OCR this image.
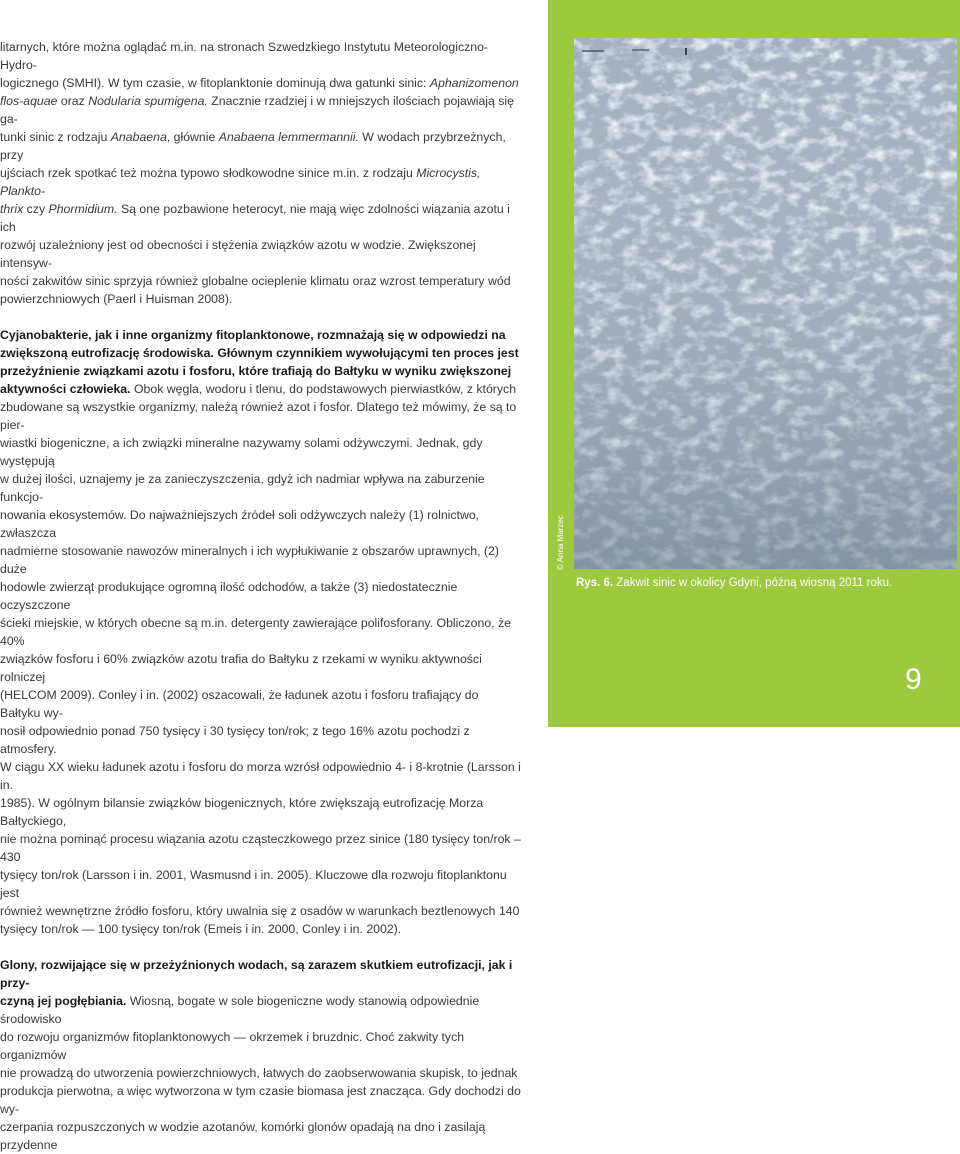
litarnych, które można oglądać m.in. na stronach Szwedzkiego Instytutu Meteorologiczno-Hydro-
logicznego (SMHI). W tym czasie, w fitoplanktonie dominują dwa gatunki sinic: Aphanizomenon
flos-aquae oraz Nodularia spumigena. Znacznie rzadziej i w mniejszych ilościach pojawiają się ga-
tunki sinic z rodzaju Anabaena, głównie Anabaena lemmermannii. W wodach przybrzeżnych, przy
ujściach rzek spotkać też można typowo słodkowodne sinice m.in. z rodzaju Microcystis, Plankto-
thrix czy Phormidium. Są one pozbawione heterocyt, nie mają więc zdolności wiązania azotu i ich
rozwój uzależniony jest od obecności i stężenia związków azotu w wodzie. Zwiększonej intensyw-
ności zakwitów sinic sprzyja również globalne ocieplenie klimatu oraz wzrost temperatury wód
powierzchniowych (Paerl i Huisman 2008).

Cyjanobakterie, jak i inne organizmy fitoplanktonowe, rozmnażają się w odpowiedzi na
zwiększoną eutrofizację środowiska. Głównym czynnikiem wywołującymi ten proces jest
przeżyźnienie związkami azotu i fosforu, które trafiają do Bałtyku w wyniku zwiększonej
aktywności człowieka. Obok węgla, wodoru i tlenu, do podstawowych pierwiastków, z których
zbudowane są wszystkie organizmy, należą również azot i fosfor. Dlatego też mówimy, że są to pier-
wiastki biogeniczne, a ich związki mineralne nazywamy solami odżywczymi. Jednak, gdy występują
w dużej ilości, uznajemy je za zanieczyszczenia, gdyż ich nadmiar wpływa na zaburzenie funkcjo-
nowania ekosystemów. Do najważniejszych źródeł soli odżywczych należy (1) rolnictwo, zwłaszcza
nadmierne stosowanie nawozów mineralnych i ich wypłukiwanie z obszarów uprawnych, (2) duże
hodowle zwierząt produkujące ogromną ilość odchodów, a także (3) niedostatecznie oczyszczone
ścieki miejskie, w których obecne są m.in. detergenty zawierające polifosforany. Obliczono, że 40%
związków fosforu i 60% związków azotu trafia do Bałtyku z rzekami w wyniku aktywności rolniczej
(HELCOM 2009). Conley i in. (2002) oszacowali, że ładunek azotu i fosforu trafiający do Bałtyku wy-
nosił odpowiednio ponad 750 tysięcy i 30 tysięcy ton/rok; z tego 16% azotu pochodzi z atmosfery.
W ciągu XX wieku ładunek azotu i fosforu do morza wzrósł odpowiednio 4- i 8-krotnie (Larsson i in.
1985). W ogólnym bilansie związków biogenicznych, które zwiększają eutrofizację Morza Bałtyckiego,
nie można pominąć procesu wiązania azotu cząsteczkowego przez sinice (180 tysięcy ton/rok – 430
tysięcy ton/rok (Larsson i in. 2001, Wasmusnd i in. 2005). Kluczowe dla rozwoju fitoplanktonu jest
również wewnętrzne źródło fosforu, który uwalnia się z osadów w warunkach beztlenowych 140
tysięcy ton/rok — 100 tysięcy ton/rok (Emeis i in. 2000, Conley i in. 2002).

Glony, rozwijające się w przeżyźnionych wodach, są zarazem skutkiem eutrofizacji, jak i przy-
czyną jej pogłębiania. Wiosną, bogate w sole biogeniczne wody stanowią odpowiednie środowisko
do rozwoju organizmów fitoplanktonowych — okrzemek i bruzdnic. Choć zakwity tych organizmów
nie prowadzą do utworzenia powierzchniowych, łatwych do zaobserwowania skupisk, to jednak
produkcja pierwotna, a więc wytworzona w tym czasie biomasa jest znacząca. Gdy dochodzi do wy-
czerpania rozpuszczonych w wodzie azotanów, komórki glonów opadają na dno i zasilają przydenne

© Anna Marzec
Rys. 6. Zakwit sinic w okolicy Gdyni, późną wiosną 2011 roku.
9
